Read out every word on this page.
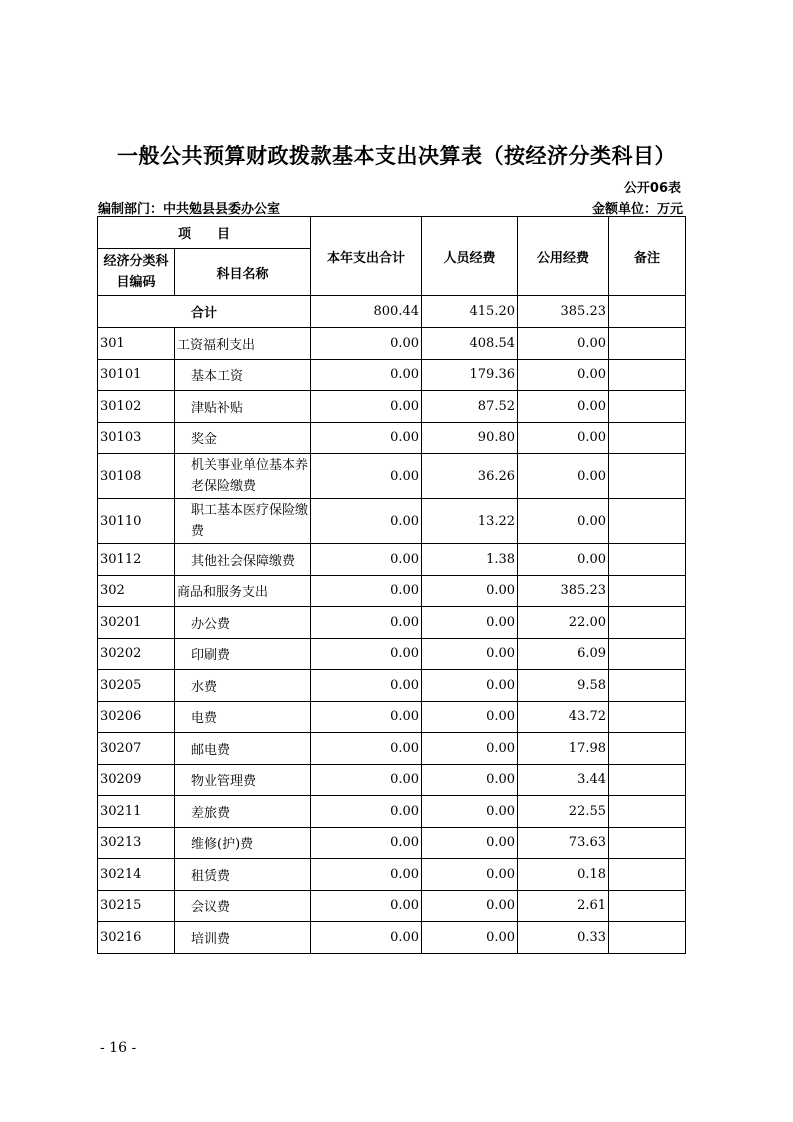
一般公共预算财政拨款基本支出决算表（按经济分类科目）
公开06表
编制部门：中共勉县县委办公室	金额单位：万元
项　　目		本年支出合计	人员经费	公用经费	备注
经济分类科目编码	科目名称				
合计		800.44	415.20	385.23	
301	工资福利支出	0.00	408.54	0.00	
30101	基本工资	0.00	179.36	0.00	
30102	津贴补贴	0.00	87.52	0.00	
30103	奖金	0.00	90.80	0.00	
30108	机关事业单位基本养老保险缴费	0.00	36.26	0.00	
30110	职工基本医疗保险缴费	0.00	13.22	0.00	
30112	其他社会保障缴费	0.00	1.38	0.00	
302	商品和服务支出	0.00	0.00	385.23	
30201	办公费	0.00	0.00	22.00	
30202	印刷费	0.00	0.00	6.09	
30205	水费	0.00	0.00	9.58	
30206	电费	0.00	0.00	43.72	
30207	邮电费	0.00	0.00	17.98	
30209	物业管理费	0.00	0.00	3.44	
30211	差旅费	0.00	0.00	22.55	
30213	维修(护)费	0.00	0.00	73.63	
30214	租赁费	0.00	0.00	0.18	
30215	会议费	0.00	0.00	2.61	
30216	培训费	0.00	0.00	0.33	
- 16 -
